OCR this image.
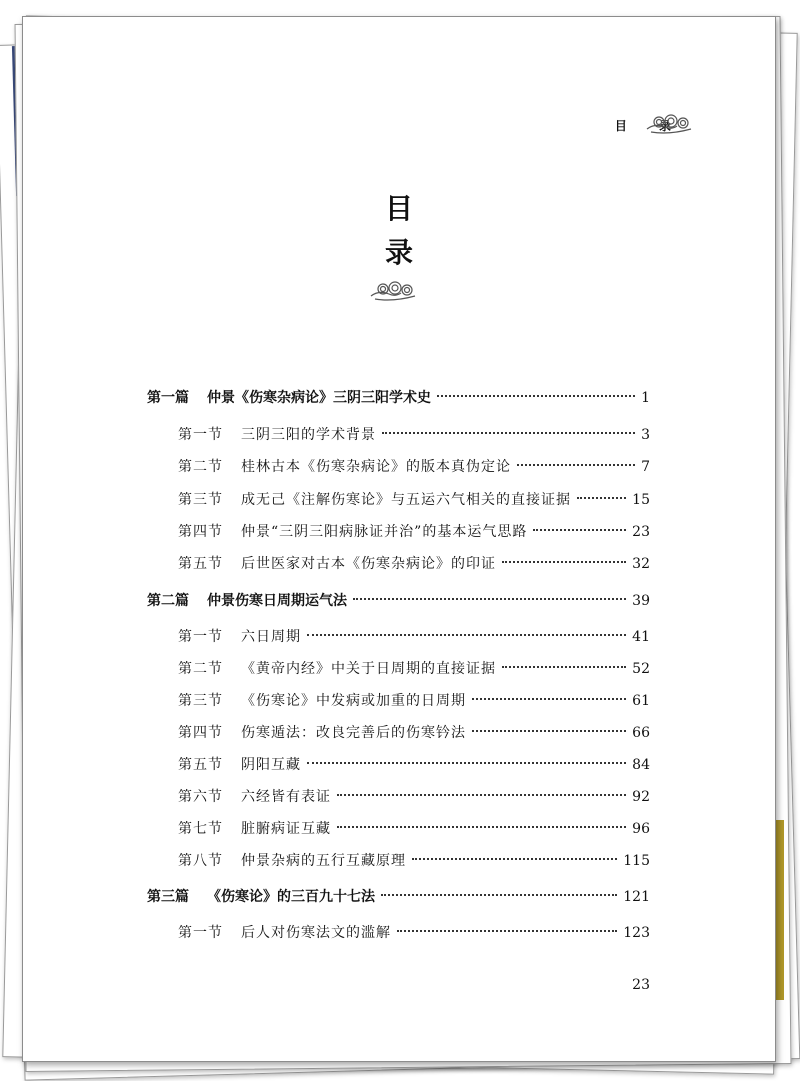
目 录
目
录
第一篇 仲景《伤寒杂病论》三阴三阳学术史	1
第一节 三阴三阳的学术背景	3
第二节 桂林古本《伤寒杂病论》的版本真伪定论	7
第三节 成无己《注解伤寒论》与五运六气相关的直接证据	15
第四节 仲景“三阴三阳病脉证并治”的基本运气思路	23
第五节 后世医家对古本《伤寒杂病论》的印证	32
第二篇 仲景伤寒日周期运气法	39
第一节 六日周期	41
第二节 《黄帝内经》中关于日周期的直接证据	52
第三节 《伤寒论》中发病或加重的日周期	61
第四节 伤寒遁法：改良完善后的伤寒钤法	66
第五节 阴阳互藏	84
第六节 六经皆有表证	92
第七节 脏腑病证互藏	96
第八节 仲景杂病的五行互藏原理	115
第三篇 《伤寒论》的三百九十七法	121
第一节 后人对伤寒法文的滥解	123
23
